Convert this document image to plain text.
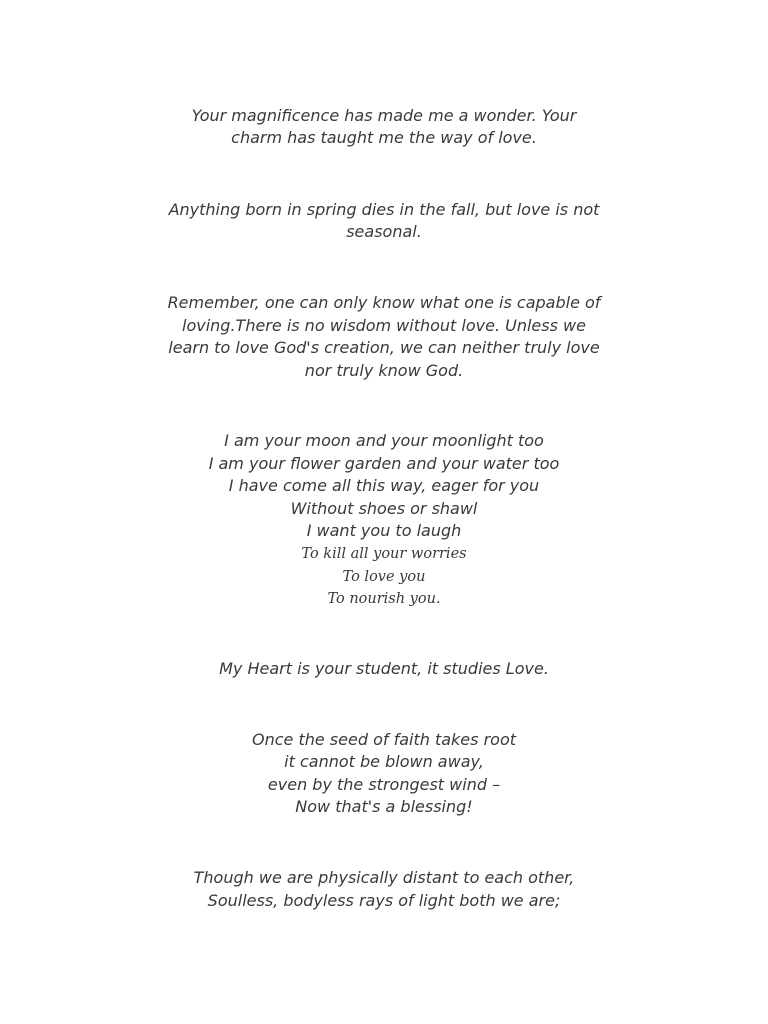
Your magnificence has made me a wonder. Your
charm has taught me the way of love.
Anything born in spring dies in the fall, but love is not
seasonal.
Remember, one can only know what one is capable of
loving.There is no wisdom without love. Unless we
learn to love God's creation, we can neither truly love
nor truly know God.
I am your moon and your moonlight too
I am your flower garden and your water too
I have come all this way, eager for you
Without shoes or shawl
I want you to laugh
To kill all your worries
To love you
To nourish you.
My Heart is your student, it studies Love.
Once the seed of faith takes root
it cannot be blown away,
even by the strongest wind –
Now that's a blessing!
Though we are physically distant to each other,
Soulless, bodyless rays of light both we are;
